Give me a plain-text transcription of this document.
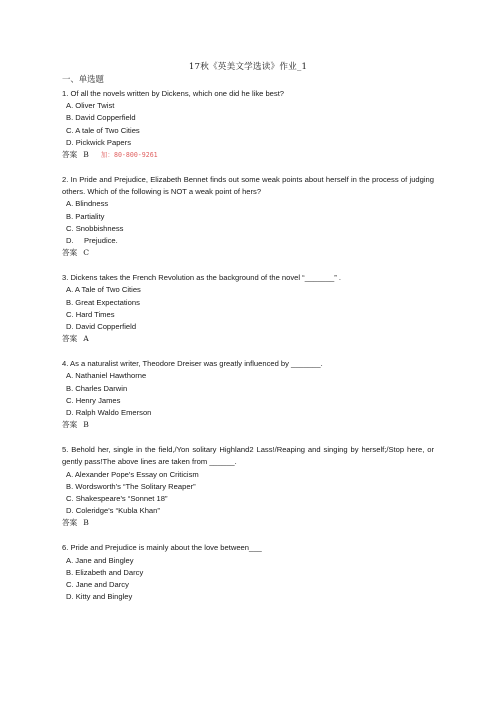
17秋《英美文学选读》作业_1
一、单选题
1. Of all the novels written by Dickens, which one did he like best?
A. Oliver Twist
B. David Copperfield
C. A tale of Two Cities
D. Pickwick Papers
答案 B 加：80-800-9261
2. In Pride and Prejudice, Elizabeth Bennet finds out some weak points about herself in the process of judging others. Which of the following is NOT a weak point of hers?
A. Blindness
B. Partiality
C. Snobbishness
D. Prejudice.
答案 C
3. Dickens takes the French Revolution as the background of the novel “_______” .
A. A Tale of Two Cities
B. Great Expectations
C. Hard Times
D. David Copperfield
答案 A
4. As a naturalist writer, Theodore Dreiser was greatly influenced by _______.
A. Nathaniel Hawthorne
B. Charles Darwin
C. Henry James
D. Ralph Waldo Emerson
答案 B
5. Behold her, single in the field,/Yon solitary Highland2 Lass!/Reaping and singing by herself;/Stop here, or gently pass!The above lines are taken from ______.
A. Alexander Pope's Essay on Criticism
B. Wordsworth's “The Solitary Reaper”
C. Shakespeare's “Sonnet 18”
D. Coleridge's “Kubla Khan”
答案 B
6. Pride and Prejudice is mainly about the love between___
A. Jane and Bingley
B. Elizabeth and Darcy
C. Jane and Darcy
D. Kitty and Bingley
